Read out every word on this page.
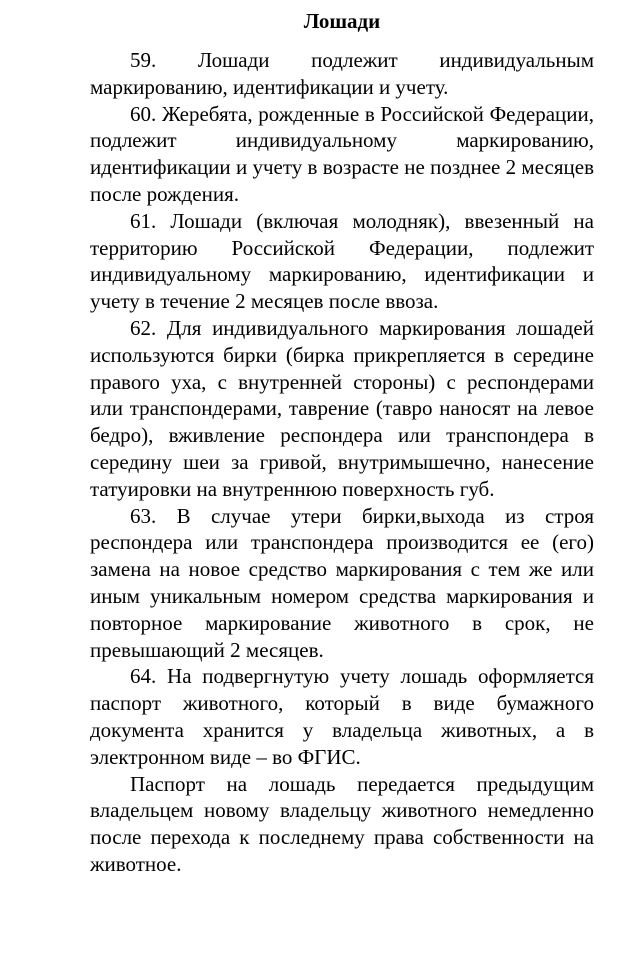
Лошади

59. Лошади подлежит индивидуальным маркированию, идентификации и учету.

60. Жеребята, рожденные в Российской Федерации, подлежит индивидуальному маркированию, идентификации и учету в возрасте не позднее 2 месяцев после рождения.

61. Лошади (включая молодняк), ввезенный на территорию Российской Федерации, подлежит индивидуальному маркированию, идентификации и учету в течение 2 месяцев после ввоза.

62. Для индивидуального маркирования лошадей используются бирки (бирка прикрепляется в середине правого уха, с внутренней стороны) с респондерами или транспондерами, таврение (тавро наносят на левое бедро), вживление респондера или транспондера в середину шеи за гривой, внутримышечно, нанесение татуировки на внутреннюю поверхность губ.

63. В случае утери бирки,выхода из строя респондера или транспондера производится ее (его) замена на новое средство маркирования с тем же или иным уникальным номером средства маркирования и повторное маркирование животного в срок, не превышающий 2 месяцев.

64. На подвергнутую учету лошадь оформляется паспорт животного, который в виде бумажного документа хранится у владельца животных, а в электронном виде – во ФГИС.

Паспорт на лошадь передается предыдущим владельцем новому владельцу животного немедленно после перехода к последнему права собственности на животное.
